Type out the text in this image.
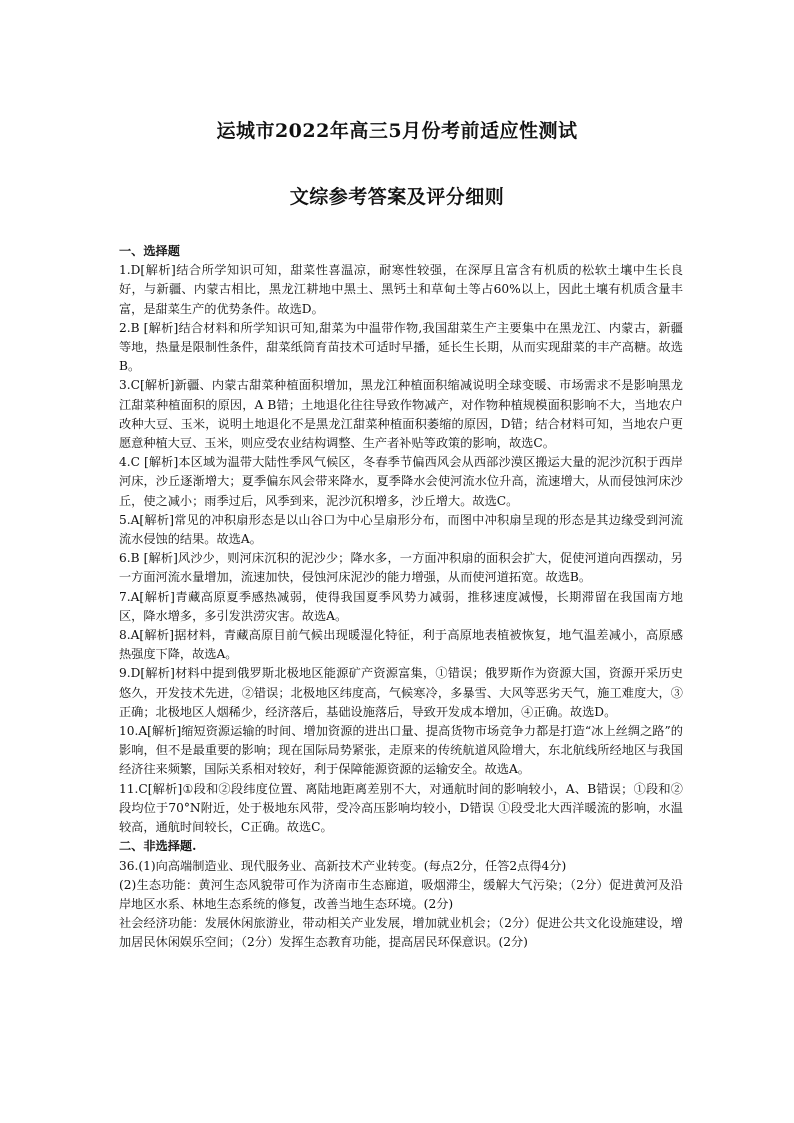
运城市2022年高三5月份考前适应性测试
文综参考答案及评分细则

一、选择题

1.D[解析]结合所学知识可知，甜菜性喜温凉，耐寒性较强，在深厚且富含有机质的松软土壤中生长良好，与新疆、内蒙古相比，黑龙江耕地中黑土、黑钙土和草甸土等占60%以上，因此土壤有机质含量丰富，是甜菜生产的优势条件。故选D。

2.B [解析]结合材料和所学知识可知,甜菜为中温带作物,我国甜菜生产主要集中在黑龙江、内蒙古，新疆等地，热量是限制性条件，甜菜纸筒育苗技术可适时早播，延长生长期，从而实现甜菜的丰产高糖。故选B。

3.C[解析]新疆、内蒙古甜菜种植面积增加，黑龙江种植面积缩减说明全球变暖、市场需求不是影响黑龙江甜菜种植面积的原因，A B错；土地退化往往导致作物减产，对作物种植规模面积影响不大，当地农户改种大豆、玉米，说明土地退化不是黑龙江甜菜种植面积萎缩的原因，D错；结合材料可知，当地农户更愿意种植大豆、玉米，则应受农业结构调整、生产者补贴等政策的影响，故选C。

4.C [解析]本区域为温带大陆性季风气候区，冬春季节偏西风会从西部沙漠区搬运大量的泥沙沉积于西岸河床，沙丘逐渐增大；夏季偏东风会带来降水，夏季降水会使河流水位升高，流速增大，从而侵蚀河床沙丘，使之减小；雨季过后，风季到来，泥沙沉积增多，沙丘增大。故选C。

5.A[解析]常见的冲积扇形态是以山谷口为中心呈扇形分布，而图中冲积扇呈现的形态是其边缘受到河流流水侵蚀的结果。故选A。

6.B [解析]风沙少，则河床沉积的泥沙少；降水多，一方面冲积扇的面积会扩大，促使河道向西摆动，另一方面河流水量增加，流速加快，侵蚀河床泥沙的能力增强，从而使河道拓宽。故选B。

7.A[解析]青藏高原夏季感热减弱，使得我国夏季风势力减弱，推移速度减慢，长期滞留在我国南方地区，降水增多，多引发洪涝灾害。故选A。

8.A[解析]据材料，青藏高原目前气候出现暖湿化特征，利于高原地表植被恢复，地气温差减小，高原感热强度下降，故选A。

9.D[解析]材料中提到俄罗斯北极地区能源矿产资源富集，①错误；俄罗斯作为资源大国，资源开采历史悠久，开发技术先进，②错误；北极地区纬度高，气候寒冷，多暴雪、大风等恶劣天气，施工难度大，③正确；北极地区人烟稀少，经济落后，基础设施落后，导致开发成本增加，④正确。故选D。

10.A[解析]缩短资源运输的时间、增加资源的进出口量、提高货物市场竞争力都是打造“冰上丝绸之路”的影响，但不是最重要的影响；现在国际局势紧张，走原来的传统航道风险增大，东北航线所经地区与我国经济往来频繁，国际关系相对较好，利于保障能源资源的运输安全。故选A。

11.C[解析]①段和②段纬度位置、离陆地距离差别不大，对通航时间的影响较小，A、B错误；①段和②段均位于70°N附近，处于极地东风带，受冷高压影响均较小，D错误 ①段受北大西洋暖流的影响，水温较高，通航时间较长，C正确。故选C。

二、非选择题.

36.(1)向高端制造业、现代服务业、高新技术产业转变。(每点2分，任答2点得4分)

(2)生态功能：黄河生态风貌带可作为济南市生态廊道，吸烟滞尘，缓解大气污染；（2分）促进黄河及沿岸地区水系、林地生态系统的修复，改善当地生态环境。(2分)

社会经济功能：发展休闲旅游业，带动相关产业发展，增加就业机会；（2分）促进公共文化设施建设，增加居民休闲娱乐空间；（2分）发挥生态教育功能，提高居民环保意识。(2分)
